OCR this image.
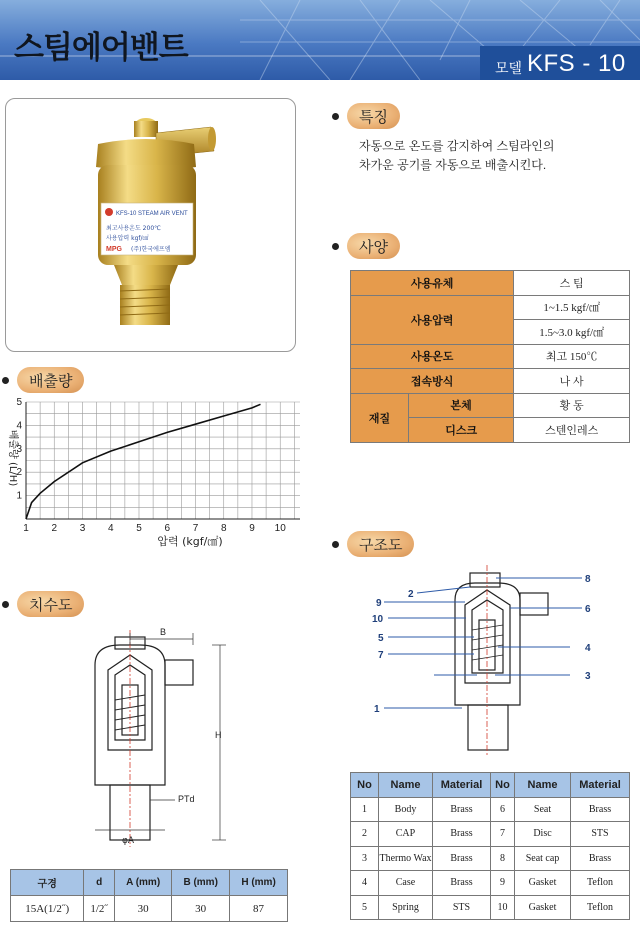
스팀에어밴트
모델 KFS - 10
KFS-10 STEAM AIR VENT
최고사용온도 200℃
사용압력 kgf/㎠
MPG (주)한국에프엠
배출량
1 2 3 4 5 6 7 8 9 10
1
2
3
4
5
압력 (kgf/㎠)
배출량 (L/H)
치수도
B
H
PTd
φA
구경	d	A (mm)	B (mm)	H (mm)
15A(1/2˝)	1/2˝	30	30	87
특징
자동으로 온도를 감지하여 스팀라인의
차가운 공기를 자동으로 배출시킨다.
사양
사용유체		스 팀
사용압력		1~1.5 kgf/㎠
		1.5~3.0 kgf/㎠
사용온도		최고 150℃
접속방식		나 사
재질	본체	황 동
	디스크	스텐인레스
구조도
1
2
3
4
5
6
7
8
9
10
No	Name	Material	No	Name	Material
1	Body	Brass	6	Seat	Brass
2	CAP	Brass	7	Disc	STS
3	Thermo Wax	Brass	8	Seat cap	Brass
4	Case	Brass	9	Gasket	Teflon
5	Spring	STS	10	Gasket	Teflon
